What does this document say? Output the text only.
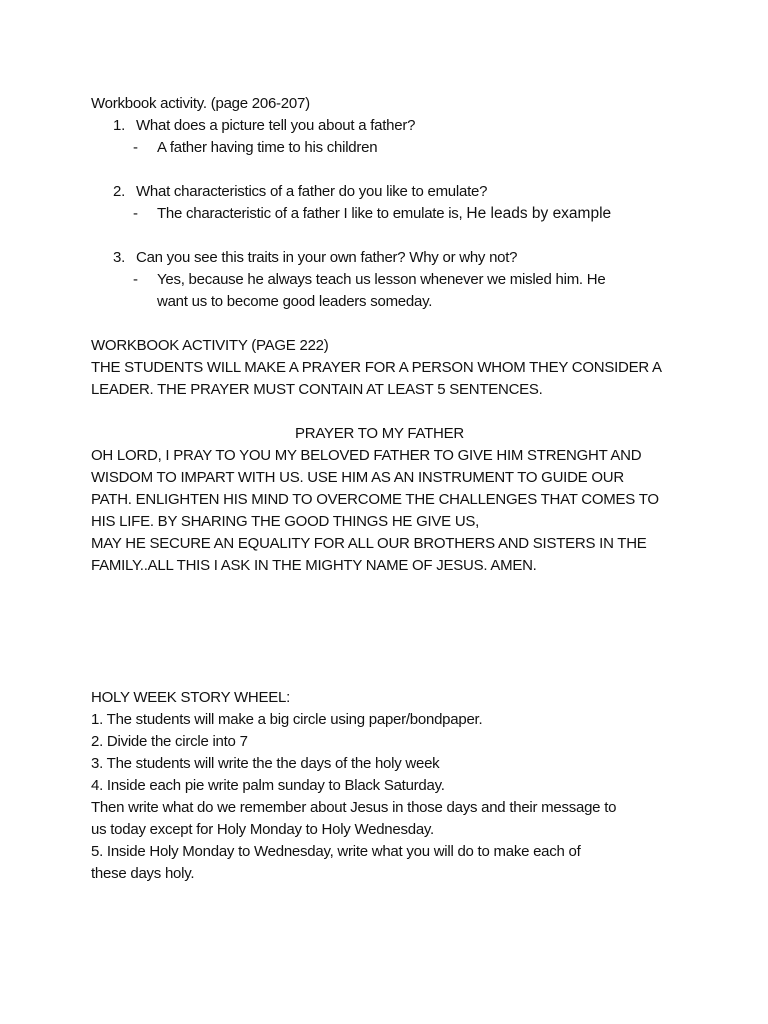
Workbook activity. (page 206-207)

1. What does a picture tell you about a father?
-	A father having time to his children
2. What characteristics of a father do you like to emulate?
-	The characteristic of a father I like to emulate is, He leads by example
3. Can you see this traits in your own father? Why or why not?
-	Yes, because he always teach us lesson whenever we misled him. He want us to become good leaders someday.

WORKBOOK ACTIVITY (PAGE 222)

THE STUDENTS WILL MAKE A PRAYER FOR A PERSON WHOM THEY CONSIDER A LEADER. THE PRAYER MUST CONTAIN AT LEAST 5 SENTENCES.

PRAYER TO MY FATHER

OH LORD, I PRAY TO YOU MY BELOVED FATHER TO GIVE HIM STRENGHT AND

WISDOM TO IMPART WITH US. USE HIM AS AN INSTRUMENT TO GUIDE OUR

PATH. ENLIGHTEN HIS MIND TO OVERCOME THE CHALLENGES THAT COMES TO

HIS LIFE. BY SHARING THE GOOD THINGS HE GIVE US,

MAY HE SECURE AN EQUALITY FOR ALL OUR BROTHERS AND SISTERS IN THE

FAMILY..ALL THIS I ASK IN THE MIGHTY NAME OF JESUS. AMEN.

HOLY WEEK STORY WHEEL:

1. The students will make a big circle using paper/bondpaper.

2. Divide the circle into 7

3. The students will write the the days of the holy week

4. Inside each pie write palm sunday to Black Saturday.

Then write what do we remember about Jesus in those days and their message to

us today except for Holy Monday to Holy Wednesday.

5. Inside Holy Monday to Wednesday, write what you will do to make each of

these days holy.
